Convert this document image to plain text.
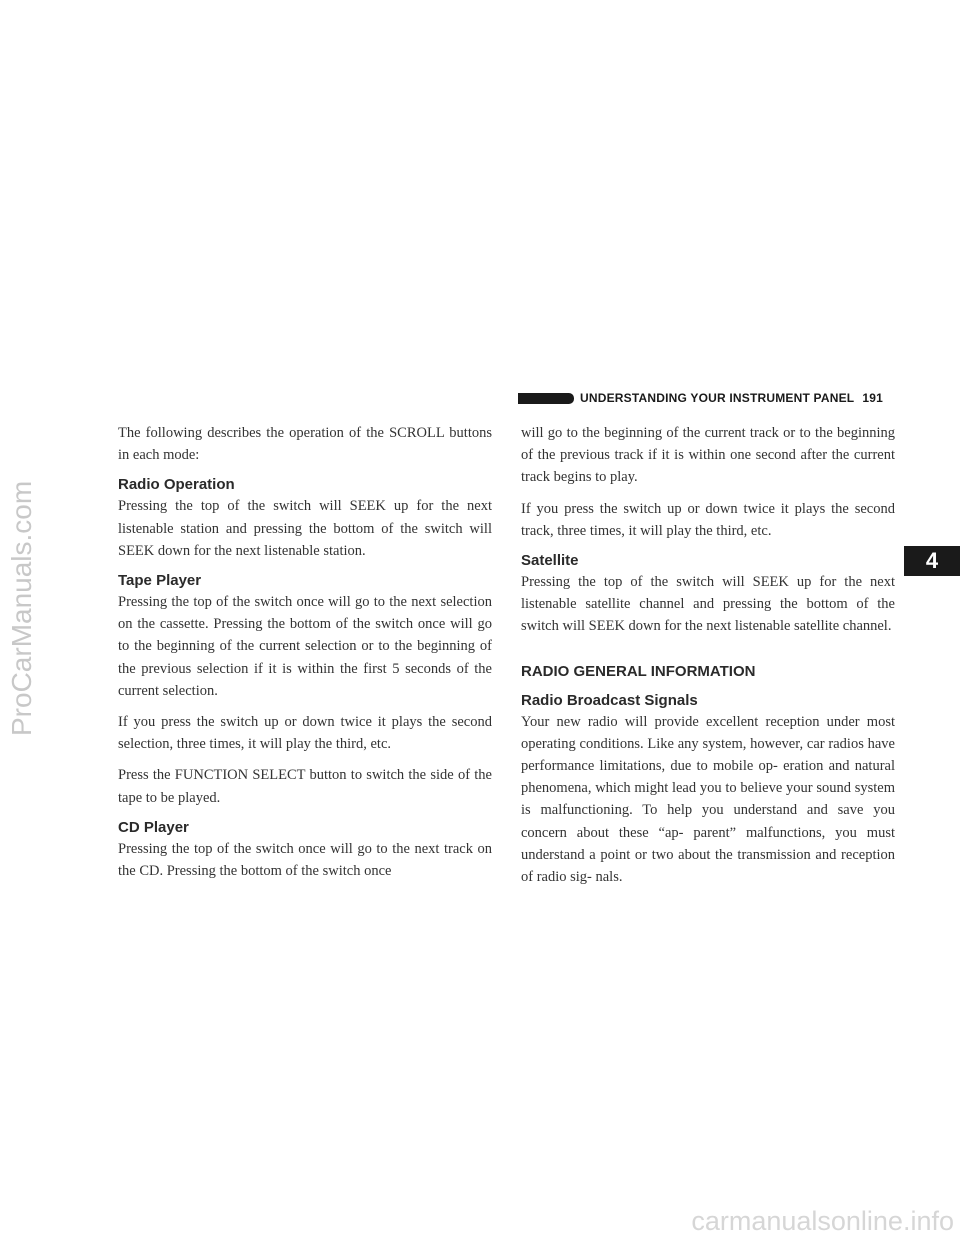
UNDERSTANDING YOUR INSTRUMENT PANEL 191

The following describes the operation of the SCROLL buttons in each mode:

Radio Operation

Pressing the top of the switch will SEEK up for the next listenable station and pressing the bottom of the switch will SEEK down for the next listenable station.

Tape Player

Pressing the top of the switch once will go to the next selection on the cassette. Pressing the bottom of the switch once will go to the beginning of the current selection or to the beginning of the previous selection if it is within the first 5 seconds of the current selection.

If you press the switch up or down twice it plays the second selection, three times, it will play the third, etc.

Press the FUNCTION SELECT button to switch the side of the tape to be played.

CD Player

Pressing the top of the switch once will go to the next track on the CD. Pressing the bottom of the switch once

will go to the beginning of the current track or to the beginning of the previous track if it is within one second after the current track begins to play.

If you press the switch up or down twice it plays the second track, three times, it will play the third, etc.

Satellite

Pressing the top of the switch will SEEK up for the next listenable satellite channel and pressing the bottom of the switch will SEEK down for the next listenable satellite channel.

RADIO GENERAL INFORMATION
Radio Broadcast Signals

Your new radio will provide excellent reception under most operating conditions. Like any system, however, car radios have performance limitations, due to mobile op- eration and natural phenomena, which might lead you to believe your sound system is malfunctioning. To help you understand and save you concern about these “ap- parent” malfunctions, you must understand a point or two about the transmission and reception of radio sig- nals.

4
ProCarManuals.com
carmanualsonline.info
